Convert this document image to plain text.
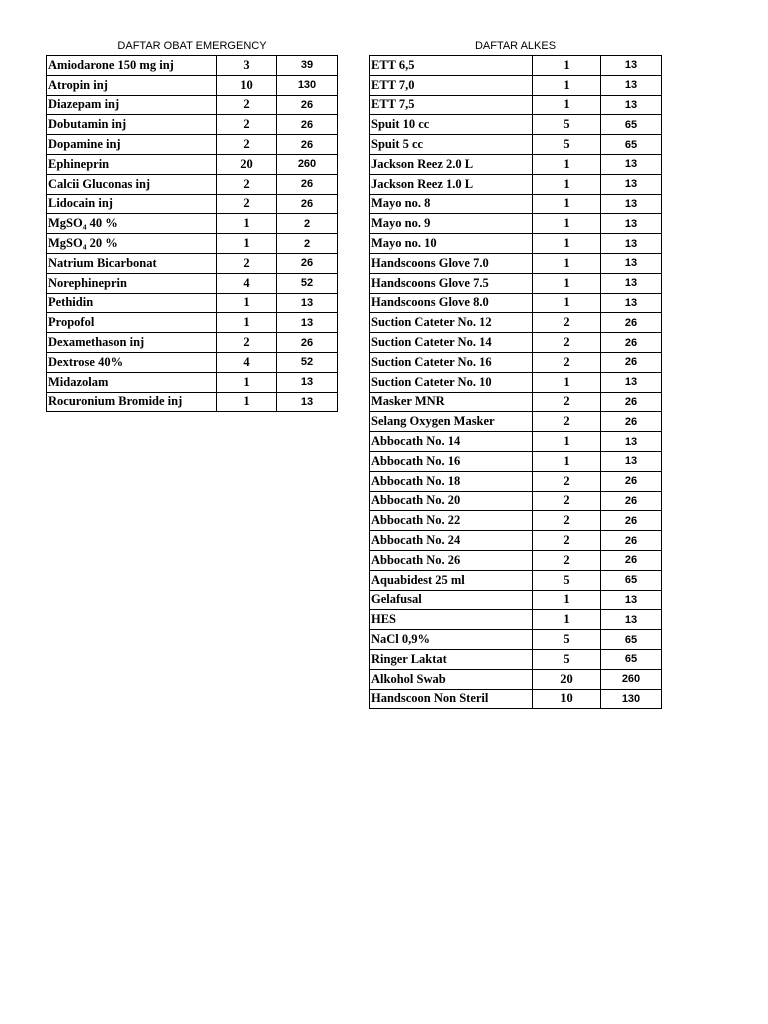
DAFTAR OBAT EMERGENCY
Amiodarone 150 mg inj	3	39
Atropin inj	10	130
Diazepam inj	2	26
Dobutamin inj	2	26
Dopamine inj	2	26
Ephineprin	20	260
Calcii Gluconas inj	2	26
Lidocain inj	2	26
MgSO₄ 40 %	1	2
MgSO₄ 20 %	1	2
Natrium Bicarbonat	2	26
Norephineprin	4	52
Pethidin	1	13
Propofol	1	13
Dexamethason inj	2	26
Dextrose 40%	4	52
Midazolam	1	13
Rocuronium Bromide inj	1	13
DAFTAR ALKES
ETT 6,5	1	13
ETT 7,0	1	13
ETT 7,5	1	13
Spuit 10 cc	5	65
Spuit 5 cc	5	65
Jackson Reez 2.0 L	1	13
Jackson Reez 1.0 L	1	13
Mayo no. 8	1	13
Mayo no. 9	1	13
Mayo no. 10	1	13
Handscoons Glove 7.0	1	13
Handscoons Glove 7.5	1	13
Handscoons Glove 8.0	1	13
Suction Cateter No. 12	2	26
Suction Cateter No. 14	2	26
Suction Cateter No. 16	2	26
Suction Cateter No. 10	1	13
Masker MNR	2	26
Selang Oxygen Masker	2	26
Abbocath No. 14	1	13
Abbocath No. 16	1	13
Abbocath No. 18	2	26
Abbocath No. 20	2	26
Abbocath No. 22	2	26
Abbocath No. 24	2	26
Abbocath No. 26	2	26
Aquabidest 25 ml	5	65
Gelafusal	1	13
HES	1	13
NaCl 0,9%	5	65
Ringer Laktat	5	65
Alkohol Swab	20	260
Handscoon Non Steril	10	130
